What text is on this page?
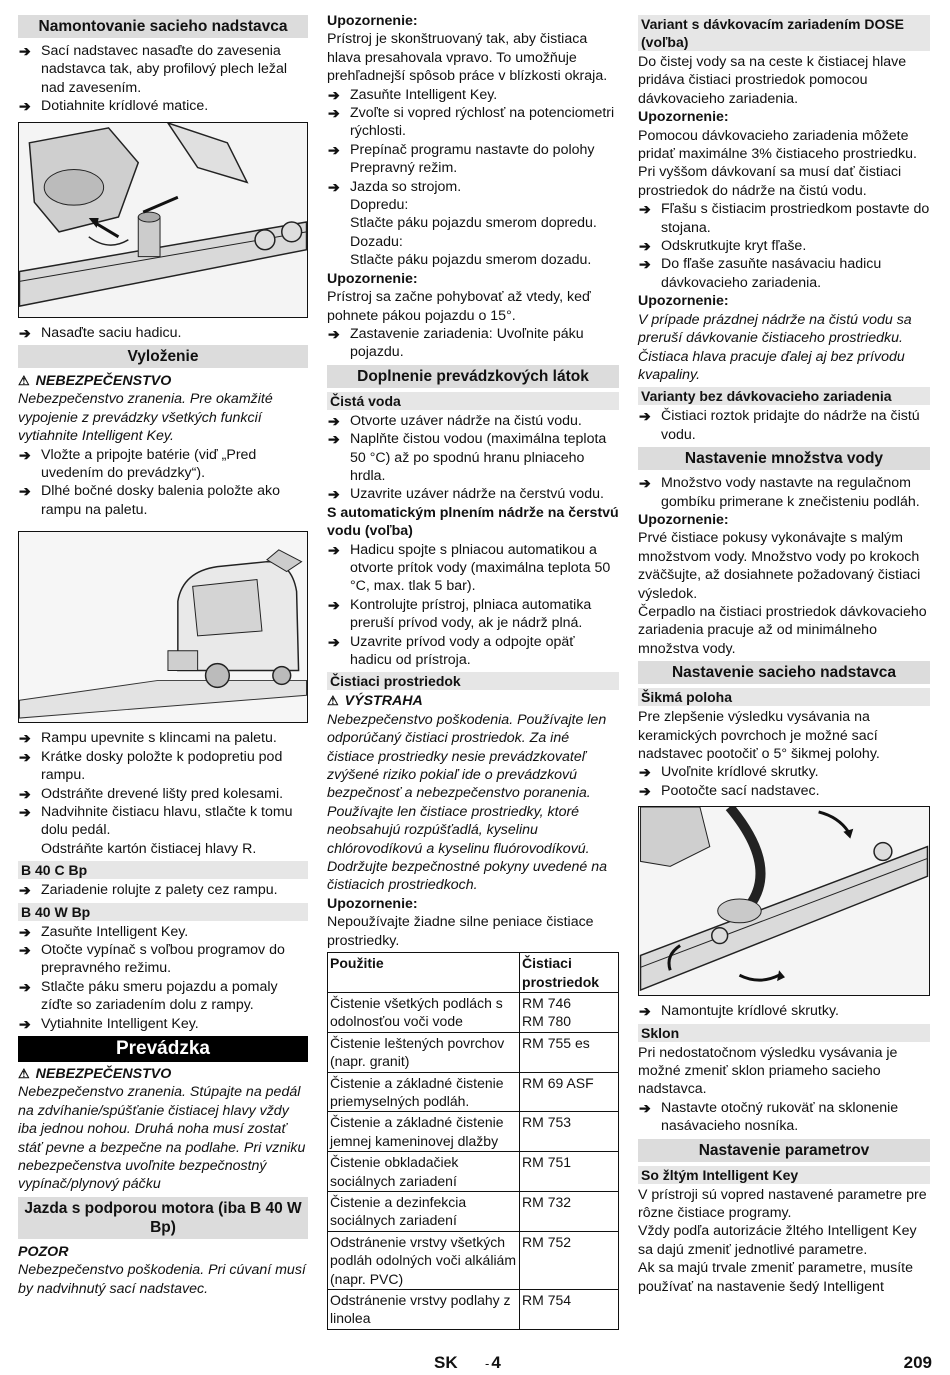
Namontovanie sacieho nadstavca
➔ Sací nadstavec nasaďte do zavesenia nadstavca tak, aby profilový plech ležal nad zavesením.
➔ Dotiahnite krídlové matice.
➔ Nasaďte saciu hadicu.
Vyloženie
⚠ NEBEZPEČENSTVO
Nebezpečenstvo zranenia. Pre okamžité vypojenie z prevádzky všetkých funkcií vytiahnite Intelligent Key.
➔ Vložte a pripojte batérie (viď „Pred uvedením do prevádzky“).
➔ Dlhé bočné dosky balenia položte ako rampu na paletu.
➔ Rampu upevnite s klincami na paletu.
➔ Krátke dosky položte k podopretiu pod rampu.
➔ Odstráňte drevené lišty pred kolesami.
➔ Nadvihnite čistiacu hlavu, stlačte k tomu dolu pedál.
Odstráňte kartón čistiacej hlavy R.
B 40 C Bp
➔ Zariadenie rolujte z palety cez rampu.
B 40 W Bp
➔ Zasuňte Intelligent Key.
➔ Otočte vypínač s voľbou programov do prepravného režimu.
➔ Stlačte páku smeru pojazdu a pomaly zíďte so zariadením dolu z rampy.
➔ Vytiahnite Intelligent Key.
Prevádzka
⚠ NEBEZPEČENSTVO
Nebezpečenstvo zranenia. Stúpajte na pedál na zdvíhanie/spúšťanie čistiacej hlavy vždy iba jednou nohou. Druhá noha musí zostať stáť pevne a bezpečne na podlahe. Pri vzniku nebezpečenstva uvoľnite bezpečnostný vypínač/plynový páčku
Jazda s podporou motora (iba B 40 W Bp)
POZOR
Nebezpečenstvo poškodenia. Pri cúvaní musí by nadvihnutý sací nadstavec.
Upozornenie:
Prístroj je skonštruovaný tak, aby čistiaca hlava presahovala vpravo. To umožňuje prehľadnejší spôsob práce v blízkosti okraja.
➔ Zasuňte Intelligent Key.
➔ Zvoľte si vopred rýchlosť na potenciometri rýchlosti.
➔ Prepínač programu nastavte do polohy Prepravný režim.
➔ Jazda so strojom.
Dopredu:
Stlačte páku pojazdu smerom dopredu.
Dozadu:
Stlačte páku pojazdu smerom dozadu.
Upozornenie:
Prístroj sa začne pohybovať až vtedy, keď pohnete pákou pojazdu o 15°.
➔ Zastavenie zariadenia: Uvoľnite páku pojazdu.
Doplnenie prevádzkových látok
Čistá voda
➔ Otvorte uzáver nádrže na čistú vodu.
➔ Naplňte čistou vodou (maximálna teplota 50 °C) až po spodnú hranu plniaceho hrdla.
➔ Uzavrite uzáver nádrže na čerstvú vodu.
S automatickým plnením nádrže na čerstvú vodu (voľba)
➔ Hadicu spojte s plniacou automatikou a otvorte prítok vody (maximálna teplota 50 °C, max. tlak 5 bar).
➔ Kontrolujte prístroj, plniaca automatika preruší prívod vody, ak je nádrž plná.
➔ Uzavrite prívod vody a odpojte opäť hadicu od prístroja.
Čistiaci prostriedok
⚠ VÝSTRAHA
Nebezpečenstvo poškodenia. Používajte len odporúčaný čistiaci prostriedok. Za iné čistiace prostriedky nesie prevádzkovateľ zvýšené riziko pokiaľ ide o prevádzkovú bezpečnosť a nebezpečenstvo poranenia. Používajte len čistiace prostriedky, ktoré neobsahujú rozpúšťadlá, kyselinu chlórovodíkovú a kyselinu fluórovodíkovú. Dodržujte bezpečnostné pokyny uvedené na čistiacich prostriedkoch.
Upozornenie:
Nepoužívajte žiadne silne peniace čistiace prostriedky.
Použitie	Čistiaci prostriedok
Čistenie všetkých podlách s odolnosťou voči vode	RM 746
RM 780
Čistenie leštených povrchov (napr. granit)	RM 755 es
Čistenie a základné čistenie priemyselných podláh.	RM 69 ASF
Čistenie a základné čistenie jemnej kameninovej dlažby	RM 753
Čistenie obkladačiek sociálnych zariadení	RM 751
Čistenie a dezinfekcia sociálnych zariadení	RM 732
Odstránenie vrstvy všetkých podláh odolných voči alkáliám (napr. PVC)	RM 752
Odstránenie vrstvy podlahy z linolea	RM 754
Variant s dávkovacím zariadením DOSE (voľba)
Do čistej vody sa na ceste k čistiacej hlave pridáva čistiaci prostriedok pomocou dávkovacieho zariadenia.
Upozornenie:
Pomocou dávkovacieho zariadenia môžete pridať maximálne 3% čistiaceho prostriedku. Pri vyššom dávkovaní sa musí dať čistiaci prostriedok do nádrže na čistú vodu.
➔ Fľašu s čistiacim prostriedkom postavte do stojana.
➔ Odskrutkujte kryt fľaše.
➔ Do fľaše zasuňte nasávaciu hadicu dávkovacieho zariadenia.
Upozornenie:
V prípade prázdnej nádrže na čistú vodu sa preruší dávkovanie čistiaceho prostriedku. Čistiaca hlava pracuje ďalej aj bez prívodu kvapaliny.
Varianty bez dávkovacieho zariadenia
➔ Čistiaci roztok pridajte do nádrže na čistú vodu.
Nastavenie množstva vody
➔ Množstvo vody nastavte na regulačnom gombíku primerane k znečisteniu podláh.
Upozornenie:
Prvé čistiace pokusy vykonávajte s malým množstvom vody. Množstvo vody po krokoch zväčšujte, až dosiahnete požadovaný čistiaci výsledok.
Čerpadlo na čistiaci prostriedok dávkovacieho zariadenia pracuje až od minimálneho množstva vody.
Nastavenie sacieho nadstavca
Šikmá poloha
Pre zlepšenie výsledku vysávania na keramických povrchoch je možné sací nadstavec pootočiť o 5° šikmej polohy.
➔ Uvoľnite krídlové skrutky.
➔ Pootočte sací nadstavec.
➔ Namontujte krídlové skrutky.
Sklon
Pri nedostatočnom výsledku vysávania je možné zmeniť sklon priameho sacieho nadstavca.
➔ Nastavte otočný rukoväť na sklonenie nasávacieho nosníka.
Nastavenie parametrov
So žltým Intelligent Key
V prístroji sú vopred nastavené parametre pre rôzne čistiace programy.
Vždy podľa autorizácie žltého Intelligent Key sa dajú zmeniť jednotlivé parametre.
Ak sa majú trvale zmeniť parametre, musíte používať na nastavenie šedý Intelligent
SK - 4	209
